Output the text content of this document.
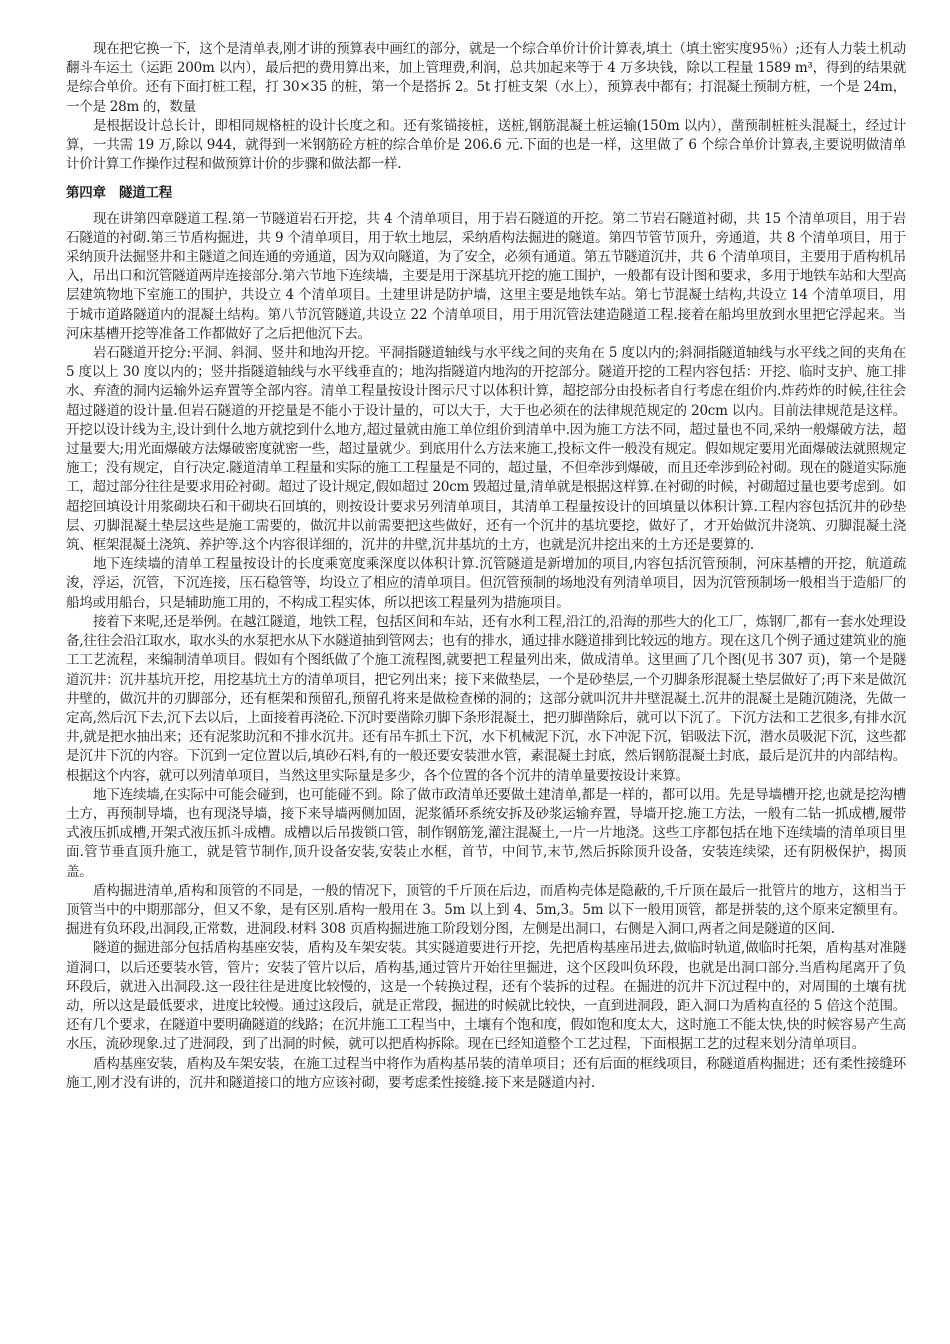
现在把它换一下，这个是清单表,刚才讲的预算表中画红的部分，就是一个综合单价计价计算表,填土（填土密实度95％）;还有人力装土机动翻斗车运土（运距 200m 以内），最后把的费用算出来，加上管理费,利润，总共加起来等于 4 万多块钱，除以工程量 1589 m³，得到的结果就是综合单价。还有下面打桩工程，打 30×35 的桩，第一个是搭拆 2。5t 打桩支架（水上），预算表中都有；打混凝土预制方桩，一个是 24m，一个是 28m 的，数量

是根据设计总长计，即相同规格桩的设计长度之和。还有浆锚接桩，送桩,钢筋混凝土桩运输(150m 以内），凿预制桩桩头混凝土，经过计算，一共需 19 万,除以 944，就得到一米钢筋砼方桩的综合单价是 206.6 元.下面的也是一样，这里做了 6 个综合单价计算表,主要说明做清单计价计算工作操作过程和做预算计价的步骤和做法都一样.

第四章　隧道工程

现在讲第四章隧道工程.第一节隧道岩石开挖，共 4 个清单项目，用于岩石隧道的开挖。第二节岩石隧道衬砌，共 15 个清单项目，用于岩石隧道的衬砌.第三节盾构掘进，共 9 个清单项目，用于软土地层，采纳盾构法掘进的隧道。第四节管节顶升，旁通道，共 8 个清单项目，用于采纳顶升法掘竖井和主隧道之间连通的旁通道，因为双向隧道，为了安全，必须有通道。第五节隧道沉井，共 6 个清单项目，主要用于盾构机吊入，吊出口和沉管隧道两岸连接部分.第六节地下连续墙，主要是用于深基坑开挖的施工围护，一般都有设计图和要求，多用于地铁车站和大型高层建筑物地下室施工的围护，共设立 4 个清单项目。土建里讲是防护墙，这里主要是地铁车站。第七节混凝土结构,共设立 14 个清单项目，用于城市道路隧道内的混凝土结构。第八节沉管隧道,共设立 22 个清单项目，用于用沉管法建造隧道工程.接着在船坞里放到水里把它浮起来。当河床基槽开挖等准备工作都做好了之后把他沉下去。

岩石隧道开挖分:平洞、斜洞、竖井和地沟开挖。平洞指隧道轴线与水平线之间的夹角在 5 度以内的;斜洞指隧道轴线与水平线之间的夹角在 5 度以上 30 度以内的；竖井指隧道轴线与水平线垂直的；地沟指隧道内地沟的开挖部分。隧道开挖的工程内容包括：开挖、临时支护、施工排水、弃渣的洞内运输外运弃置等全部内容。清单工程量按设计图示尺寸以体积计算，超挖部分由投标者自行考虑在组价内.炸药炸的时候,往往会超过隧道的设计量.但岩石隧道的开挖量是不能小于设计量的，可以大于，大于也必须在的法律规范规定的 20cm 以内。目前法律规范是这样。开挖以设计线为主,设计到什么地方就挖到什么地方,超过量就由施工单位组价到清单中.因为施工方法不同，超过量也不同,采纳一般爆破方法，超过量要大;用光面爆破方法爆破密度就密一些，超过量就少。到底用什么方法来施工,投标文件一般没有规定。假如规定要用光面爆破法就照规定施工；没有规定，自行决定.隧道清单工程量和实际的施工工程量是不同的，超过量，不但牵涉到爆破，而且还牵涉到砼衬砌。现在的隧道实际施工，超过部分往往是要求用砼衬砌。超过了设计规定,假如超过 20cm 毁超过量,清单就是根据这样算.在衬砌的时候，衬砌超过量也要考虑到。如超挖回填设计用浆砌块石和干砌块石回填的，则按设计要求另列清单项目，其清单工程量按设计的回填量以体积计算.工程内容包括沉井的砂垫层、刃脚混凝土垫层这些是施工需要的，做沉井以前需要把这些做好，还有一个沉井的基坑要挖，做好了，才开始做沉井浇筑、刃脚混凝土浇筑、框架混凝土浇筑、养护等.这个内容很详细的，沉井的井壁,沉井基坑的土方，也就是沉井挖出来的土方还是要算的.

地下连续墙的清单工程量按设计的长度乘宽度乘深度以体积计算.沉管隧道是新增加的项目,内容包括沉管预制，河床基槽的开挖，航道疏浚，浮运，沉管，下沉连接，压石稳管等，均设立了相应的清单项目。但沉管预制的场地没有列清单项目，因为沉管预制场一般相当于造船厂的船坞或用船台，只是辅助施工用的，不构成工程实体，所以把该工程量列为措施项目。

接着下来呢,还是举例。在越江隧道，地铁工程，包括区间和车站，还有水利工程,沿江的,沿海的那些大的化工厂，炼钢厂,都有一套水处理设备,往往会沿江取水，取水头的水泵把水从下水隧道抽到管网去；也有的排水，通过排水隧道排到比较远的地方。现在这几个例子通过建筑业的施工工艺流程，来编制清单项目。假如有个图纸做了个施工流程图,就要把工程量列出来，做成清单。这里画了几个图(见书 307 页)，第一个是隧道沉井：沉井基坑开挖，用挖基坑土方的清单项目，把它列出来；接下来做垫层，一个是砂垫层,一个刃脚条形混凝土垫层做好了;再下来是做沉井壁的，做沉井的刃脚部分，还有框架和预留孔,预留孔将来是做检查梯的洞的；这部分就叫沉井井壁混凝土.沉井的混凝土是随沉随浇，先做一定高,然后沉下去,沉下去以后，上面接着再浇砼.下沉时要凿除刃脚下条形混凝土，把刃脚凿除后，就可以下沉了。下沉方法和工艺很多,有排水沉井,就是把水抽出来；还有泥浆助沉和不排水沉井。还有吊车抓土下沉，水下机械泥下沉，水下冲泥下沉，铝吸法下沉，潜水员吸泥下沉，这些都是沉井下沉的内容。下沉到一定位置以后,填砂石料,有的一般还要安装泄水管，素混凝土封底，然后钢筋混凝土封底，最后是沉井的内部结构。根据这个内容，就可以列清单项目，当然这里实际量是多少，各个位置的各个沉井的清单量要按设计来算。

地下连续墙,在实际中可能会碰到，也可能碰不到。除了做市政清单还要做土建清单,都是一样的，都可以用。先是导墙槽开挖,也就是挖沟槽土方，再预制导墙，也有现浇导墙，接下来导墙两侧加固，泥浆循环系统安拆及砂浆运输弃置，导墙开挖.施工方法，一般有二钻一抓成槽,履带式液压抓成槽,开架式液压抓斗成槽。成槽以后吊拨锁口管，制作钢筋笼,灌注混凝土,一片一片地浇。这些工序都包括在地下连续墙的清单项目里面.管节垂直顶升施工，就是管节制作,顶升设备安装,安装止水框，首节，中间节,末节,然后拆除顶升设备，安装连续梁，还有阴极保护，揭顶盖。

盾构掘进清单,盾构和顶管的不同是，一般的情况下，顶管的千斤顶在后边，而盾构壳体是隐蔽的,千斤顶在最后一批管片的地方，这相当于顶管当中的中期那部分，但又不象，是有区别.盾构一般用在 3。5m 以上到 4、5m,3。5m 以下一般用顶管，都是拼装的,这个原来定额里有。掘进有负环段,出洞段,正常数，进洞段.材料 308 页盾构掘进施工阶段划分图，左侧是出洞口，右侧是入洞口,两者之间是隧道的区间.

隧道的掘进部分包括盾构基座安装，盾构及车架安装。其实隧道要进行开挖，先把盾构基座吊进去,做临时轨道,做临时托架，盾构基对准隧道洞口，以后还要装水管，管片；安装了管片以后，盾构基,通过管片开始往里掘进，这个区段叫负环段，也就是出洞口部分.当盾构尾离开了负环段后，就进入出洞段.这一段往往是进度比较慢的，这是一个转换过程，还有个装拆的过程。在掘进的沉井下沉过程中的，对周围的土壤有扰动，所以这是最低要求，进度比较慢。通过这段后，就是正常段，掘进的时候就比较快，一直到进洞段，距入洞口为盾构直径的 5 倍这个范围。还有几个要求，在隧道中要明确隧道的线路；在沉井施工工程当中，土壤有个饱和度，假如饱和度太大，这时施工不能太快,快的时候容易产生高水压，流砂现象.过了进洞段，到了出洞的时候，就可以把盾构拆除。现在已经知道整个工艺过程，下面根据工艺的过程来划分清单项目。

盾构基座安装，盾构及车架安装，在施工过程当中将作为盾构基吊装的清单项目；还有后面的框线项目，称隧道盾构掘进；还有柔性接缝环施工,刚才没有讲的，沉井和隧道接口的地方应该衬砌，要考虑柔性接缝.接下来是隧道内衬.
